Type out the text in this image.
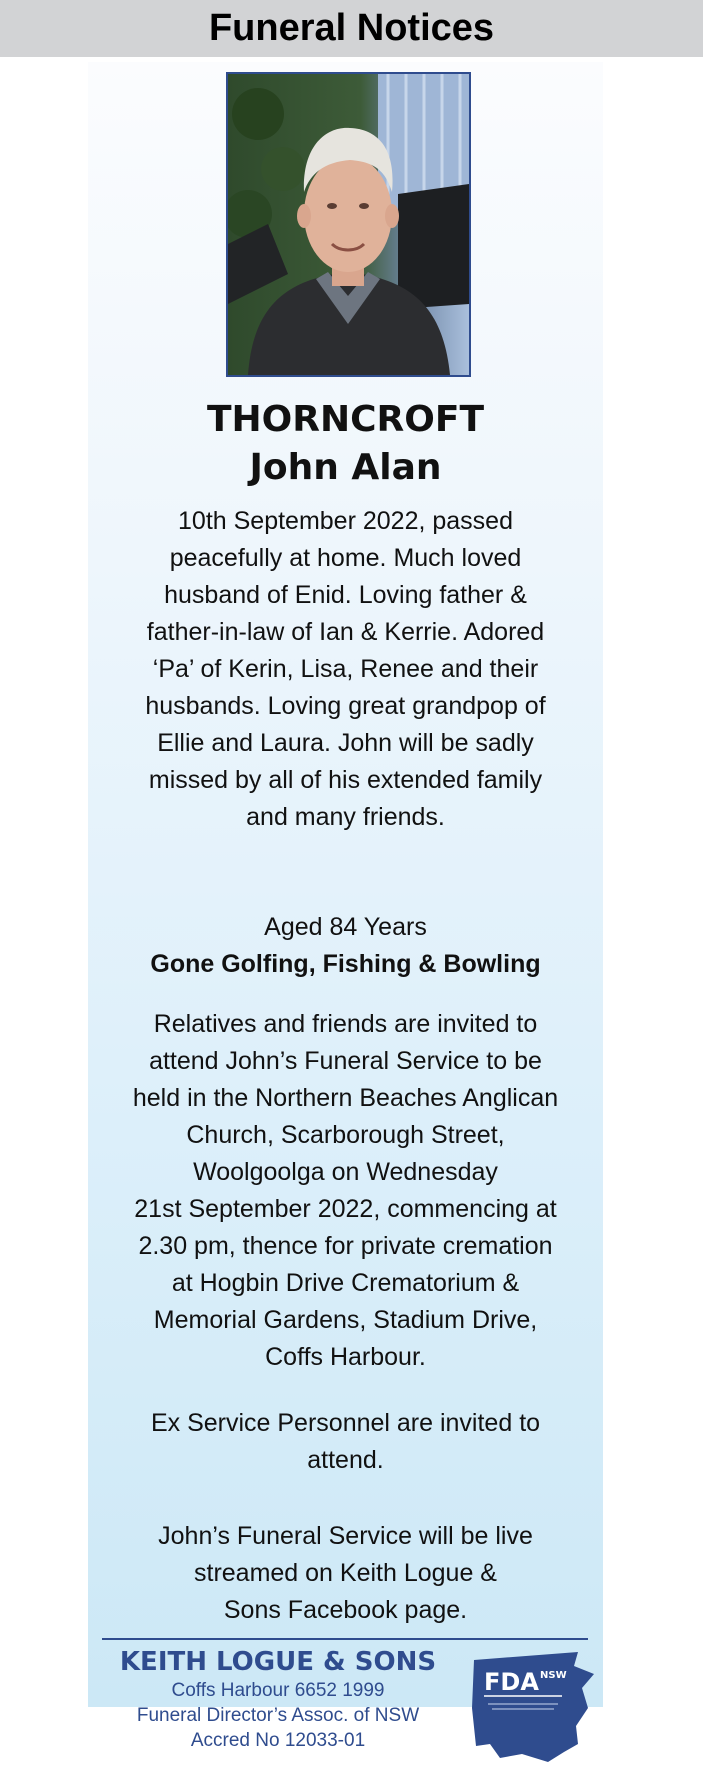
Funeral Notices
THORNCROFT
John Alan
10th September 2022, passed
peacefully at home. Much loved
husband of Enid. Loving father &
father-in-law of Ian & Kerrie. Adored
‘Pa’ of Kerin, Lisa, Renee and their
husbands. Loving great grandpop of
Ellie and Laura. John will be sadly
missed by all of his extended family
and many friends.
Aged 84 Years
Gone Golfing, Fishing & Bowling
Relatives and friends are invited to
attend John’s Funeral Service to be
held in the Northern Beaches Anglican
Church, Scarborough Street,
Woolgoolga on Wednesday
21st September 2022, commencing at
2.30 pm, thence for private cremation
at Hogbin Drive Crematorium &
Memorial Gardens, Stadium Drive,
Coffs Harbour.
Ex Service Personnel are invited to
attend.
John’s Funeral Service will be live
streamed on Keith Logue &
Sons Facebook page.
KEITH LOGUE & SONS
Coffs Harbour 6652 1999
Funeral Director’s Assoc. of NSW
Accred No 12033-01
FDA NSW
